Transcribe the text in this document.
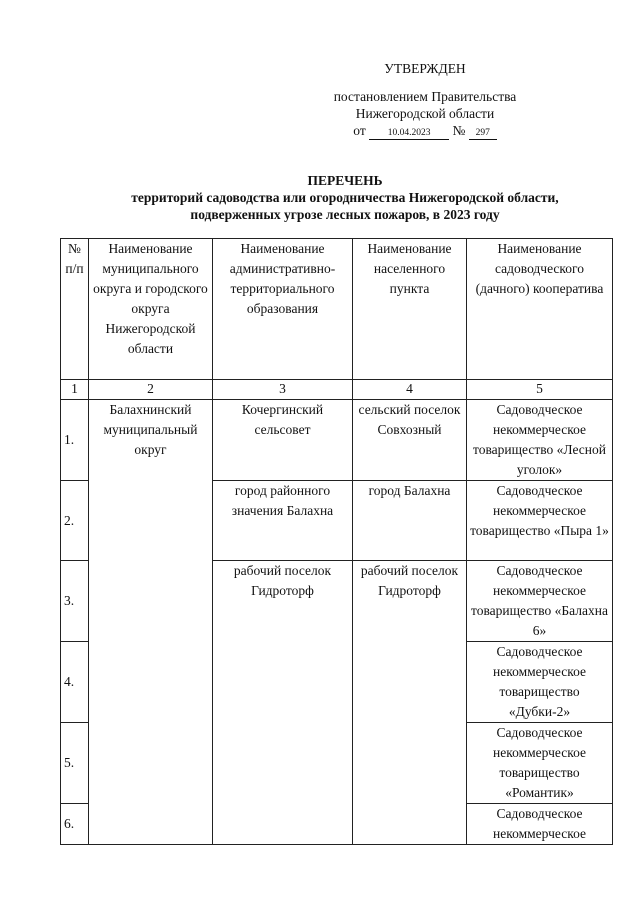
УТВЕРЖДЕН
постановлением Правительства
Нижегородской области
от 10.04.2023 № 297
ПЕРЕЧЕНЬ
территорий садоводства или огородничества Нижегородской области,
подверженных угрозе лесных пожаров, в 2023 году
№ п/п	Наименование муниципального округа и городского округа Нижегородской области	Наименование административно-территориального образования	Наименование населенного пункта	Наименование садоводческого (дачного) кооператива
1	2	3	4	5
1.	Балахнинский муниципальный округ	Кочергинский сельсовет	сельский поселок Совхозный	Садоводческое некоммерческое товарищество «Лесной уголок»
2.		город районного значения Балахна	город Балахна	Садоводческое некоммерческое товарищество «Пыра 1»
3.		рабочий поселок Гидроторф	рабочий поселок Гидроторф	Садоводческое некоммерческое товарищество «Балахна 6»
4.				Садоводческое некоммерческое товарищество «Дубки-2»
5.				Садоводческое некоммерческое товарищество «Романтик»
6.				Садоводческое некоммерческое
